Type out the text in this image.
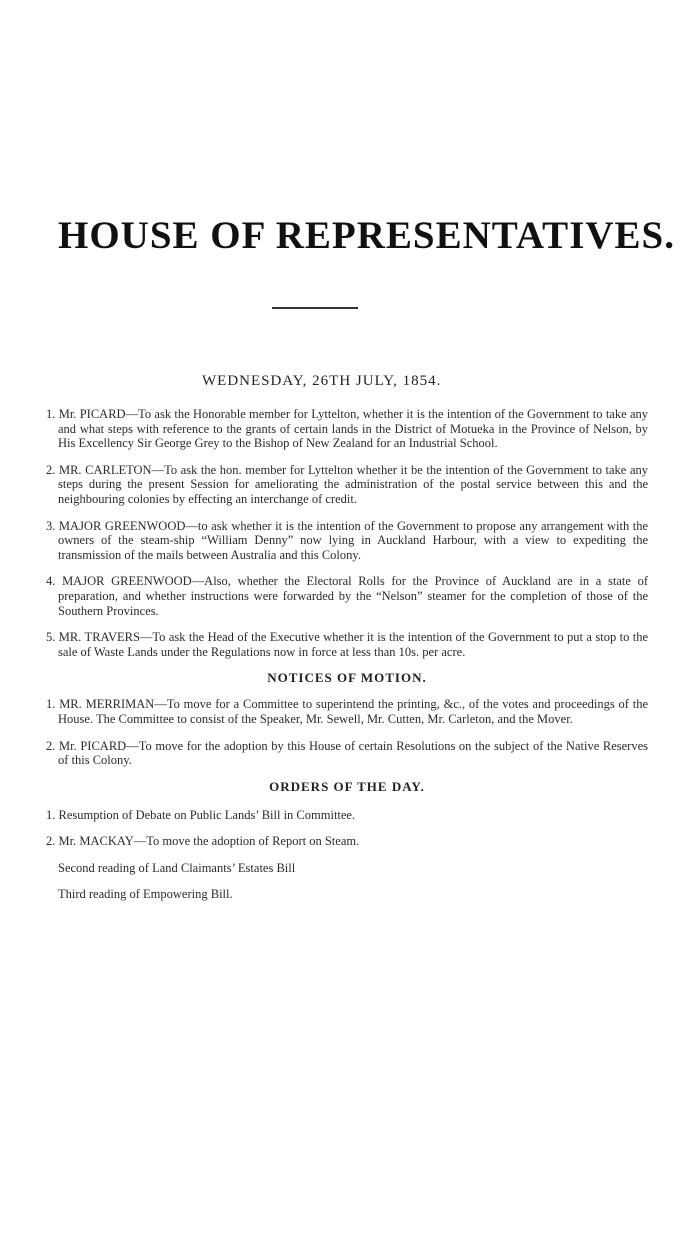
HOUSE OF REPRESENTATIVES.
WEDNESDAY, 26TH JULY, 1854.

1. Mr. PICARD—To ask the Honorable member for Lyttelton, whether it is the intention of the Government to take any and what steps with reference to the grants of certain lands in the District of Motueka in the Province of Nelson, by His Excellency Sir George Grey to the Bishop of New Zealand for an Industrial School.

2. MR. CARLETON—To ask the hon. member for Lyttelton whether it be the intention of the Government to take any steps during the present Session for ameliorating the administration of the postal service between this and the neighbouring colonies by effecting an interchange of credit.

3. MAJOR GREENWOOD—to ask whether it is the intention of the Government to propose any arrangement with the owners of the steam-ship “William Denny” now lying in Auckland Harbour, with a view to expediting the transmission of the mails between Australia and this Colony.

4. MAJOR GREENWOOD—Also, whether the Electoral Rolls for the Province of Auckland are in a state of preparation, and whether instructions were forwarded by the “Nelson” steamer for the completion of those of the Southern Provinces.

5. MR. TRAVERS—To ask the Head of the Executive whether it is the intention of the Government to put a stop to the sale of Waste Lands under the Regulations now in force at less than 10s. per acre.

NOTICES OF MOTION.

1. MR. MERRIMAN—To move for a Committee to superintend the printing, &c., of the votes and proceedings of the House. The Committee to consist of the Speaker, Mr. Sewell, Mr. Cutten, Mr. Carleton, and the Mover.

2. Mr. PICARD—To move for the adoption by this House of certain Resolutions on the subject of the Native Reserves of this Colony.

ORDERS OF THE DAY.

1. Resumption of Debate on Public Lands’ Bill in Committee.

2. Mr. MACKAY—To move the adoption of Report on Steam.

Second reading of Land Claimants’ Estates Bill

Third reading of Empowering Bill.
